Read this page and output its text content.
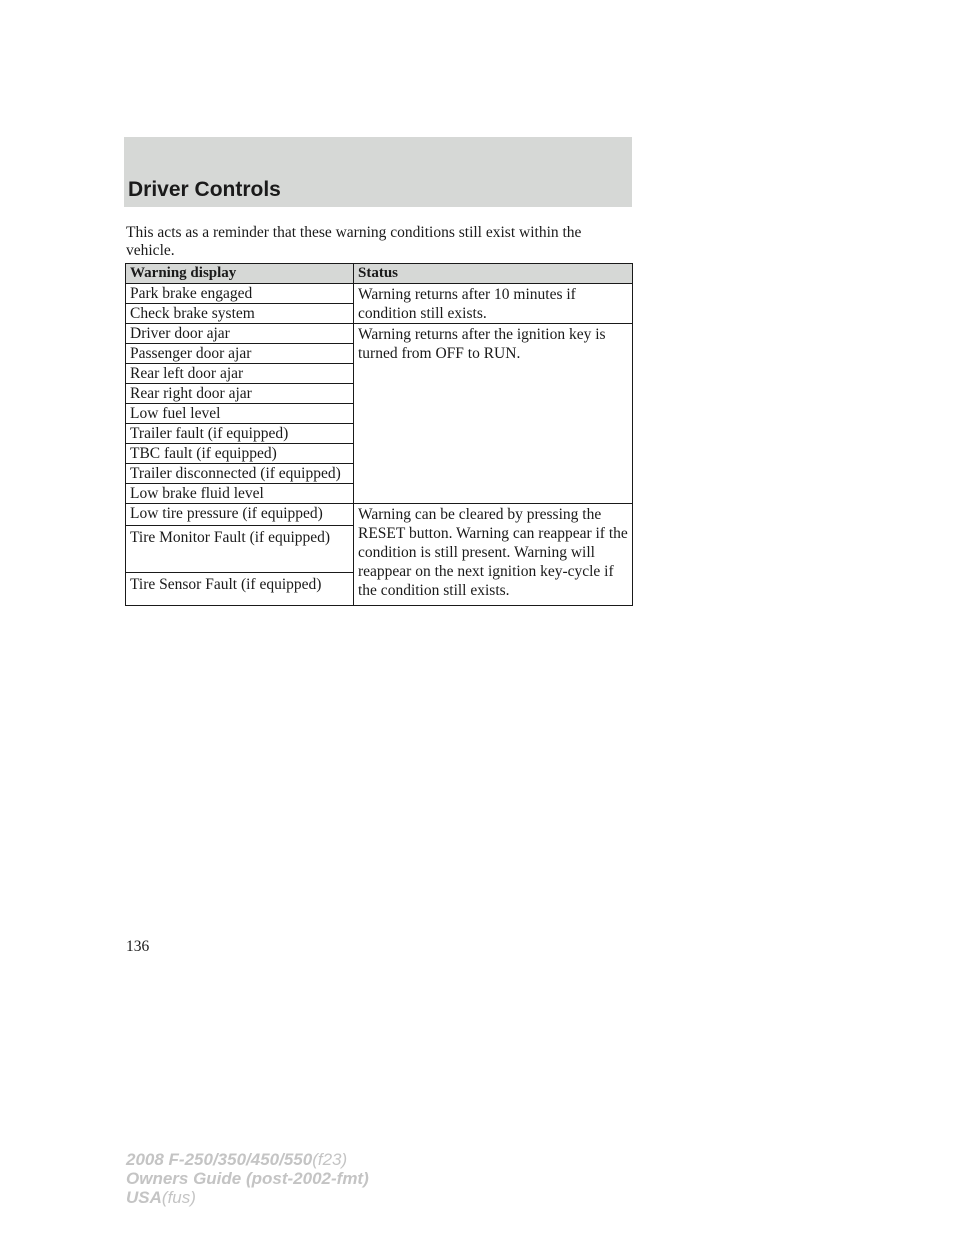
Driver Controls

This acts as a reminder that these warning conditions still exist within the vehicle.

Warning display	Status
Park brake engaged	Warning returns after 10 minutes if condition still exists.
Check brake system	
Driver door ajar	Warning returns after the ignition key is turned from OFF to RUN.
Passenger door ajar	
Rear left door ajar	
Rear right door ajar	
Low fuel level	
Trailer fault (if equipped)	
TBC fault (if equipped)	
Trailer disconnected (if equipped)	
Low brake fluid level	
Low tire pressure (if equipped)	Warning can be cleared by pressing the RESET button. Warning can reappear if the condition is still present. Warning will reappear on the next ignition key-cycle if the condition still exists.
Tire Monitor Fault (if equipped)	
Tire Sensor Fault (if equipped)	

136

2008 F-250/350/450/550(f23)
Owners Guide (post-2002-fmt)
USA(fus)
